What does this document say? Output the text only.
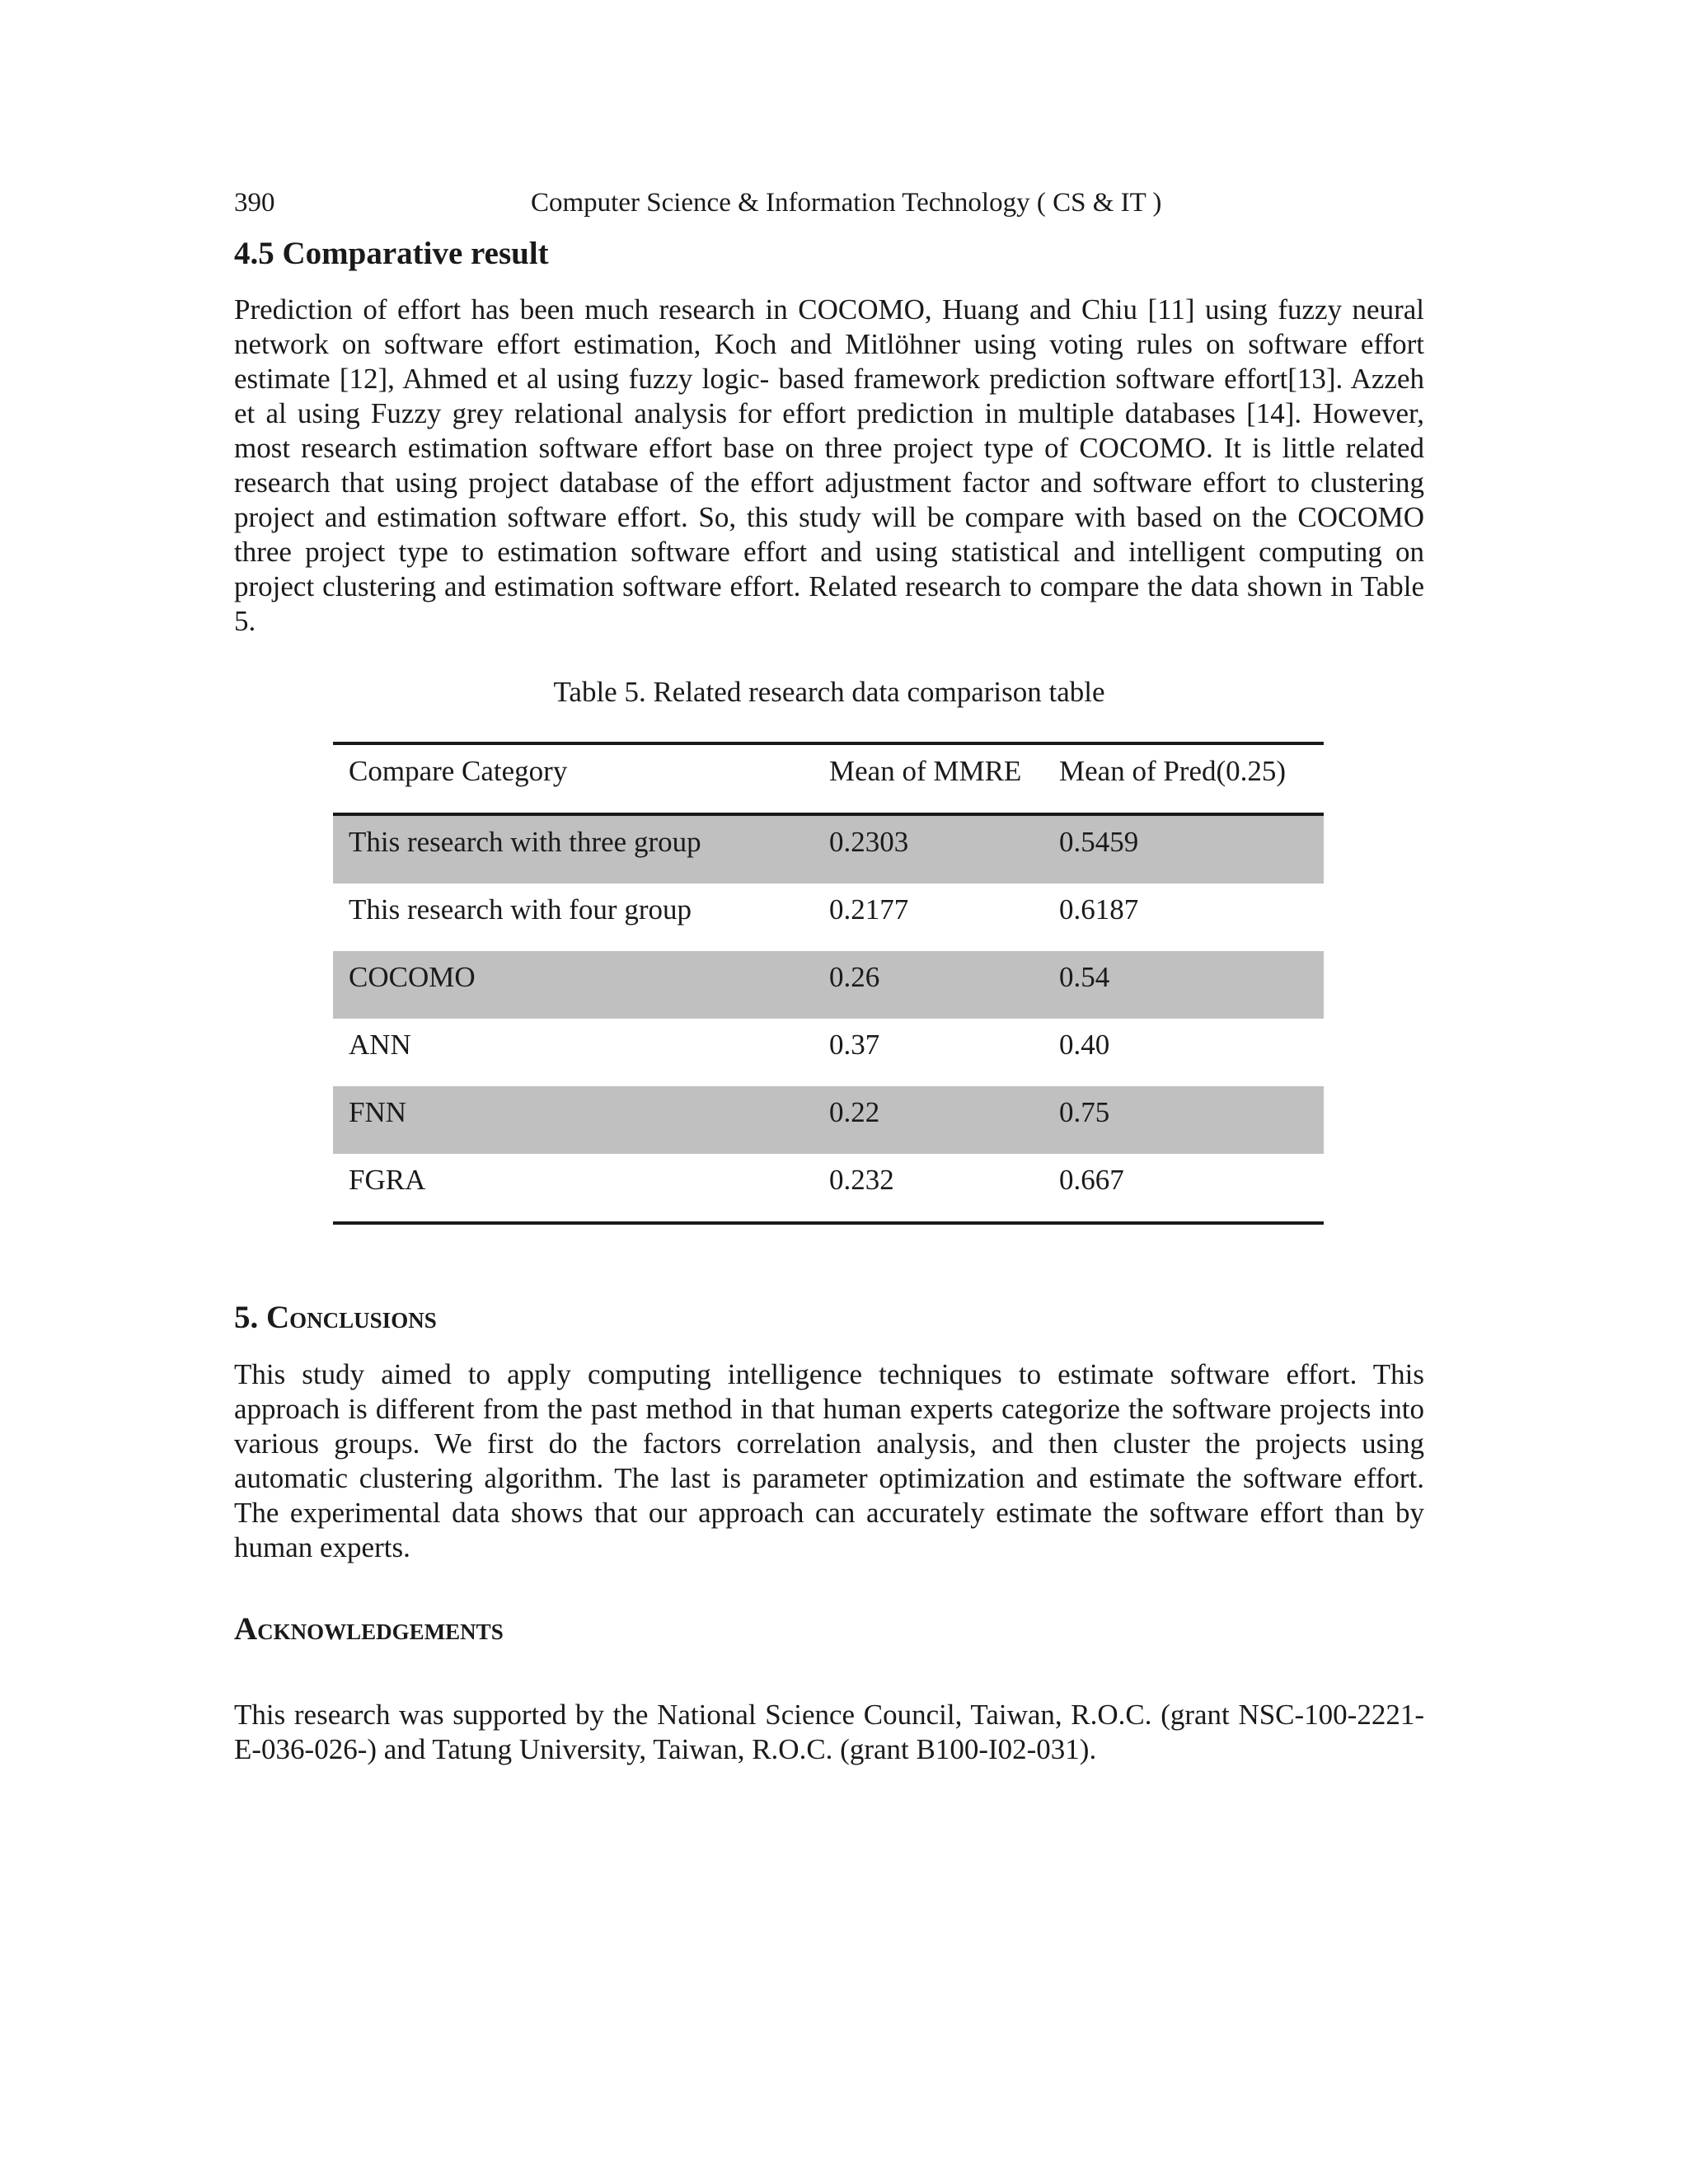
390	Computer Science & Information Technology ( CS & IT )
4.5 Comparative result

Prediction of effort has been much research in COCOMO, Huang and Chiu [11] using fuzzy neural network on software effort estimation, Koch and Mitlöhner using voting rules on software effort estimate [12], Ahmed et al using fuzzy logic- based framework prediction software effort[13]. Azzeh et al using Fuzzy grey relational analysis for effort prediction in multiple databases [14]. However, most research estimation software effort base on three project type of COCOMO. It is little related research that using project database of the effort adjustment factor and software effort to clustering project and estimation software effort. So, this study will be compare with based on the COCOMO three project type to estimation software effort and using statistical and intelligent computing on project clustering and estimation software effort. Related research to compare the data shown in Table 5.

Table 5. Related research data comparison table
Compare Category	Mean of MMRE	Mean of Pred(0.25)
This research with three group	0.2303	0.5459
This research with four group	0.2177	0.6187
COCOMO	0.26	0.54
ANN	0.37	0.40
FNN	0.22	0.75
FGRA	0.232	0.667
5. Conclusions

This study aimed to apply computing intelligence techniques to estimate software effort. This approach is different from the past method in that human experts categorize the software projects into various groups. We first do the factors correlation analysis, and then cluster the projects using automatic clustering algorithm. The last is parameter optimization and estimate the software effort. The experimental data shows that our approach can accurately estimate the software effort than by human experts.

Acknowledgements

This research was supported by the National Science Council, Taiwan, R.O.C. (grant NSC-100-2221-E-036-026-) and Tatung University, Taiwan, R.O.C. (grant B100-I02-031).
